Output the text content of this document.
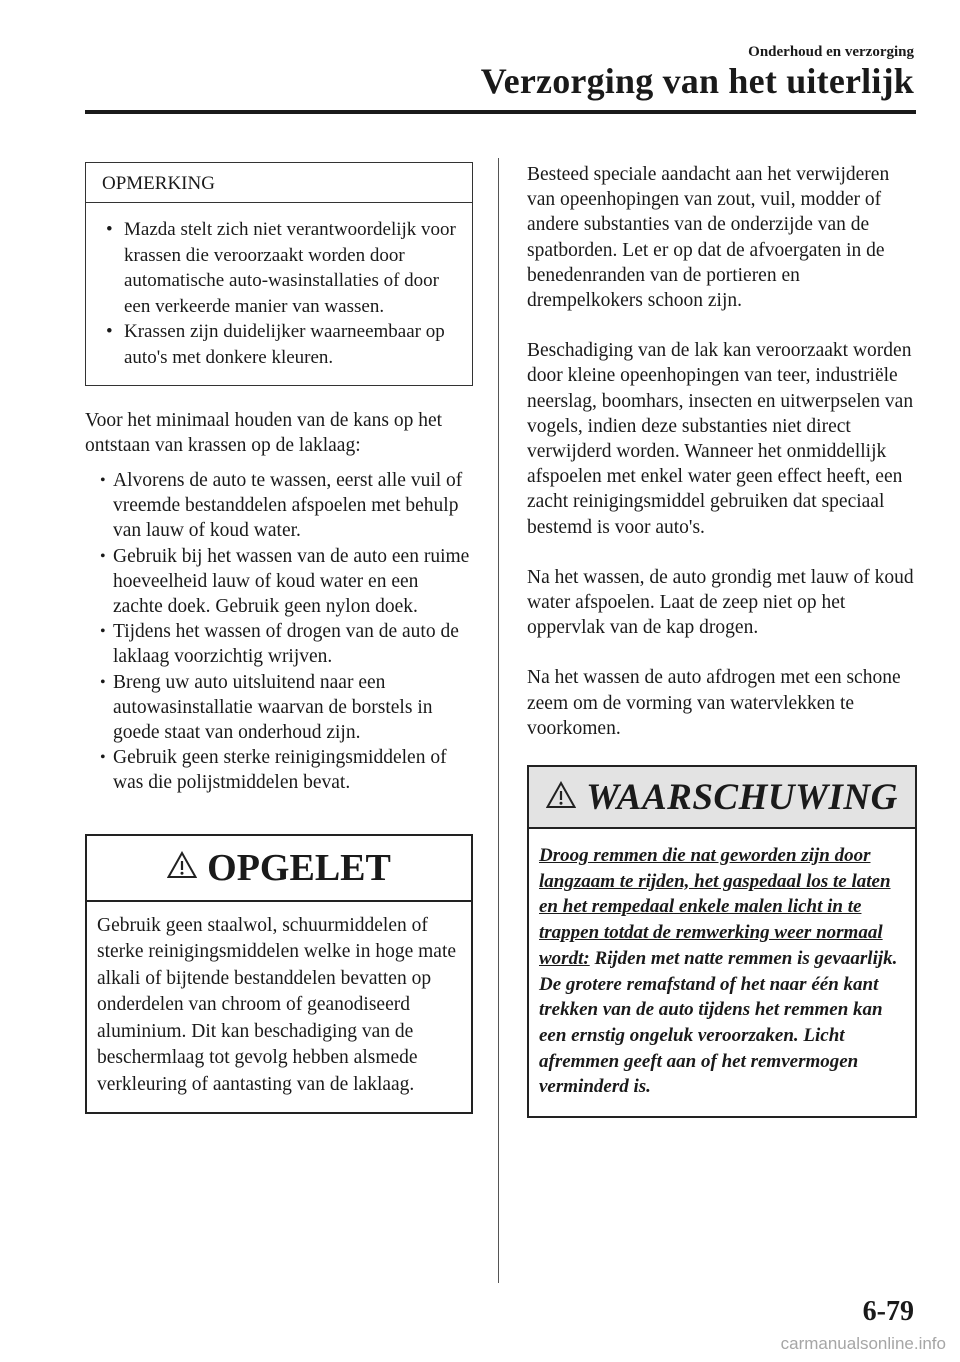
Onderhoud en verzorging
Verzorging van het uiterlijk
OPMERKING
• Mazda stelt zich niet verantwoordelijk voor krassen die veroorzaakt worden door automatische auto-wasinstallaties of door een verkeerde manier van wassen.
• Krassen zijn duidelijker waarneembaar op auto's met donkere kleuren.

Voor het minimaal houden van de kans op het ontstaan van krassen op de laklaag:

• Alvorens de auto te wassen, eerst alle vuil of vreemde bestanddelen afspoelen met behulp van lauw of koud water.
• Gebruik bij het wassen van de auto een ruime hoeveelheid lauw of koud water en een zachte doek. Gebruik geen nylon doek.
• Tijdens het wassen of drogen van de auto de laklaag voorzichtig wrijven.
• Breng uw auto uitsluitend naar een autowasinstallatie waarvan de borstels in goede staat van onderhoud zijn.
• Gebruik geen sterke reinigingsmiddelen of was die polijstmiddelen bevat.
OPGELET
Gebruik geen staalwol, schuurmiddelen of sterke reinigingsmiddelen welke in hoge mate alkali of bijtende bestanddelen bevatten op onderdelen van chroom of geanodiseerd aluminium. Dit kan beschadiging van de beschermlaag tot gevolg hebben alsmede verkleuring of aantasting van de laklaag.

Besteed speciale aandacht aan het verwijderen van opeenhopingen van zout, vuil, modder of andere substanties van de onderzijde van de spatborden. Let er op dat de afvoergaten in de benedenranden van de portieren en drempelkokers schoon zijn.

Beschadiging van de lak kan veroorzaakt worden door kleine opeenhopingen van teer, industriële neerslag, boomhars, insecten en uitwerpselen van vogels, indien deze substanties niet direct verwijderd worden. Wanneer het onmiddellijk afspoelen met enkel water geen effect heeft, een zacht reinigingsmiddel gebruiken dat speciaal bestemd is voor auto's.

Na het wassen, de auto grondig met lauw of koud water afspoelen. Laat de zeep niet op het oppervlak van de kap drogen.

Na het wassen de auto afdrogen met een schone zeem om de vorming van watervlekken te voorkomen.

WAARSCHUWING
Droog remmen die nat geworden zijn door langzaam te rijden, het gaspedaal los te laten en het rempedaal enkele malen licht in te trappen totdat de remwerking weer normaal wordt: Rijden met natte remmen is gevaarlijk. De grotere remafstand of het naar één kant trekken van de auto tijdens het remmen kan een ernstig ongeluk veroorzaken. Licht afremmen geeft aan of het remvermogen verminderd is.
6-79
carmanualsonline.info
